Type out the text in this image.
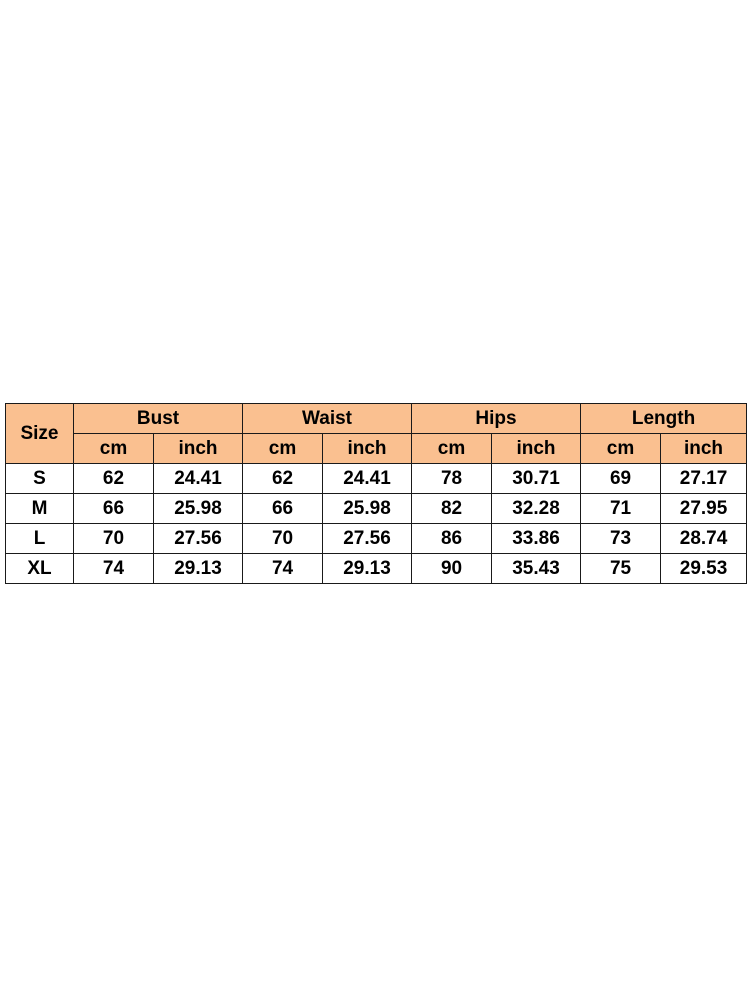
Size	Bust		Waist		Hips		Length	
	cm	inch	cm	inch	cm	inch	cm	inch
S	62	24.41	62	24.41	78	30.71	69	27.17
M	66	25.98	66	25.98	82	32.28	71	27.95
L	70	27.56	70	27.56	86	33.86	73	28.74
XL	74	29.13	74	29.13	90	35.43	75	29.53
